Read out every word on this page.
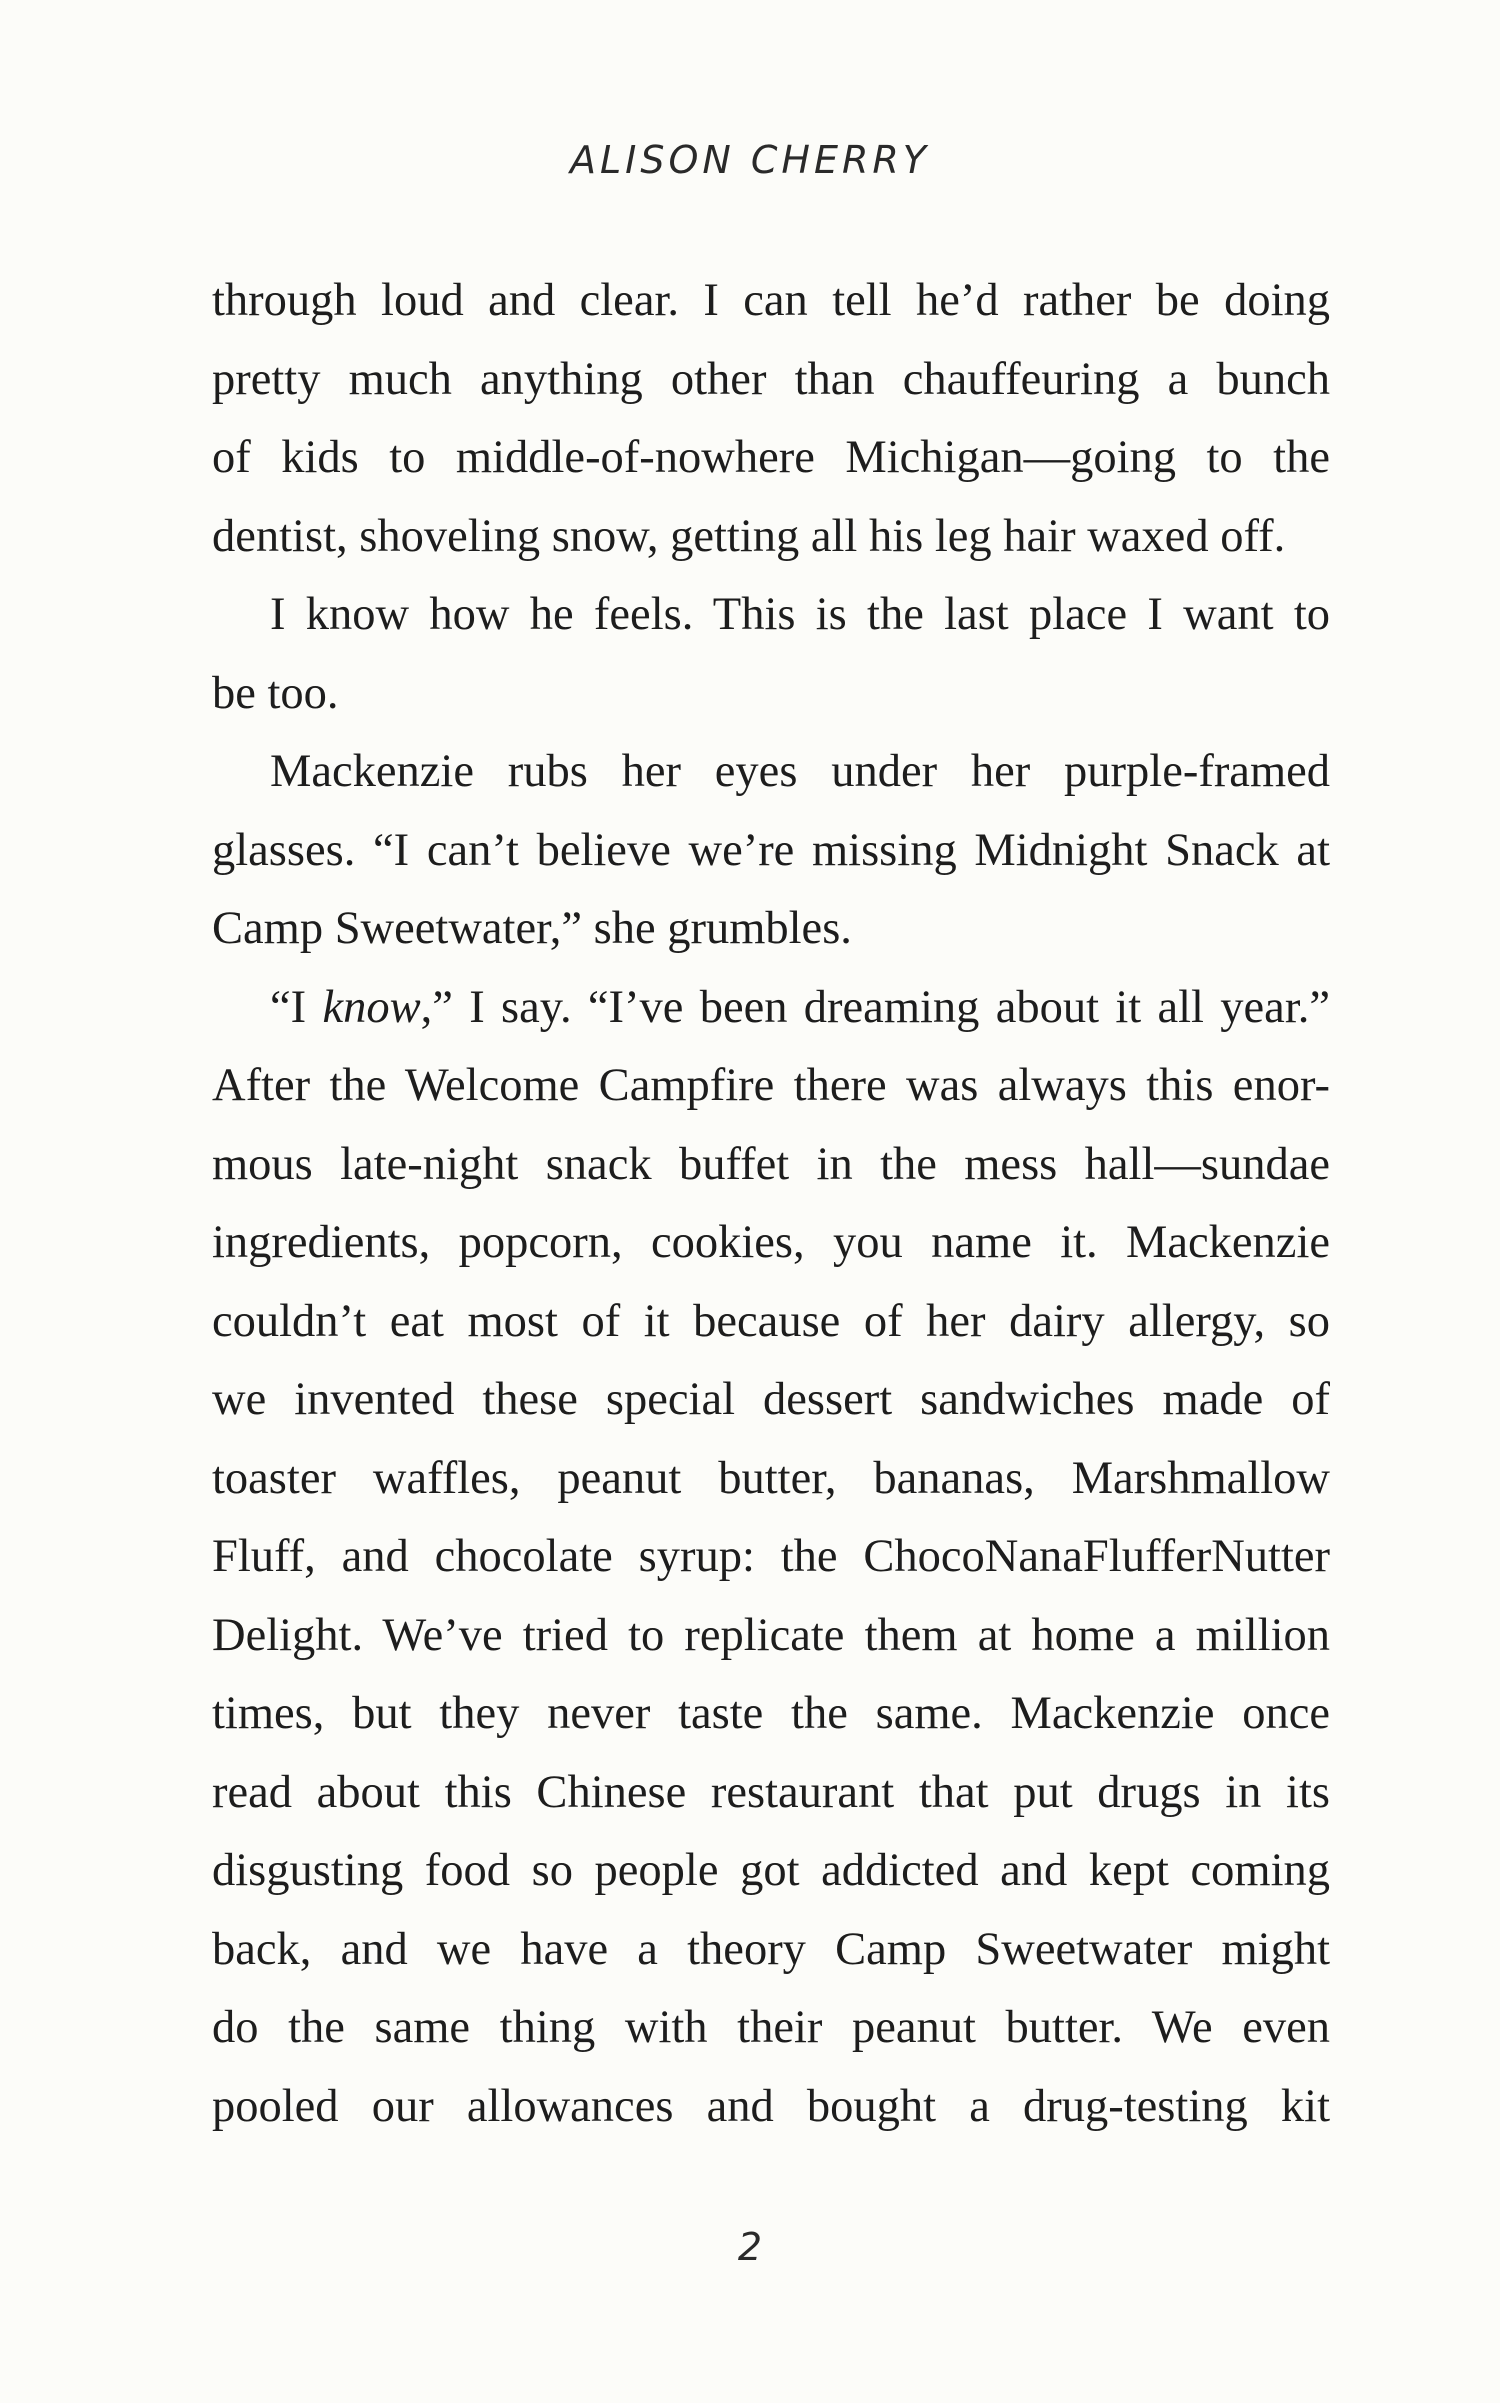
ALISON CHERRY
through loud and clear. I can tell he’d rather be doing
pretty much anything other than chauffeuring a bunch
of kids to middle-of-nowhere Michigan—going to the
dentist, shoveling snow, getting all his leg hair waxed off.
I know how he feels. This is the last place I want to
be too.
Mackenzie rubs her eyes under her purple-framed
glasses. “I can’t believe we’re missing Midnight Snack at
Camp Sweetwater,” she grumbles.
“I know,” I say. “I’ve been dreaming about it all year.”
After the Welcome Campfire there was always this enor-
mous late-night snack buffet in the mess hall—sundae
ingredients, popcorn, cookies, you name it. Mackenzie
couldn’t eat most of it because of her dairy allergy, so
we invented these special dessert sandwiches made of
toaster waffles, peanut butter, bananas, Marshmallow
Fluff, and chocolate syrup: the ChocoNanaFlufferNutter
Delight. We’ve tried to replicate them at home a million
times, but they never taste the same. Mackenzie once
read about this Chinese restaurant that put drugs in its
disgusting food so people got addicted and kept coming
back, and we have a theory Camp Sweetwater might
do the same thing with their peanut butter. We even
pooled our allowances and bought a drug-testing kit
2
